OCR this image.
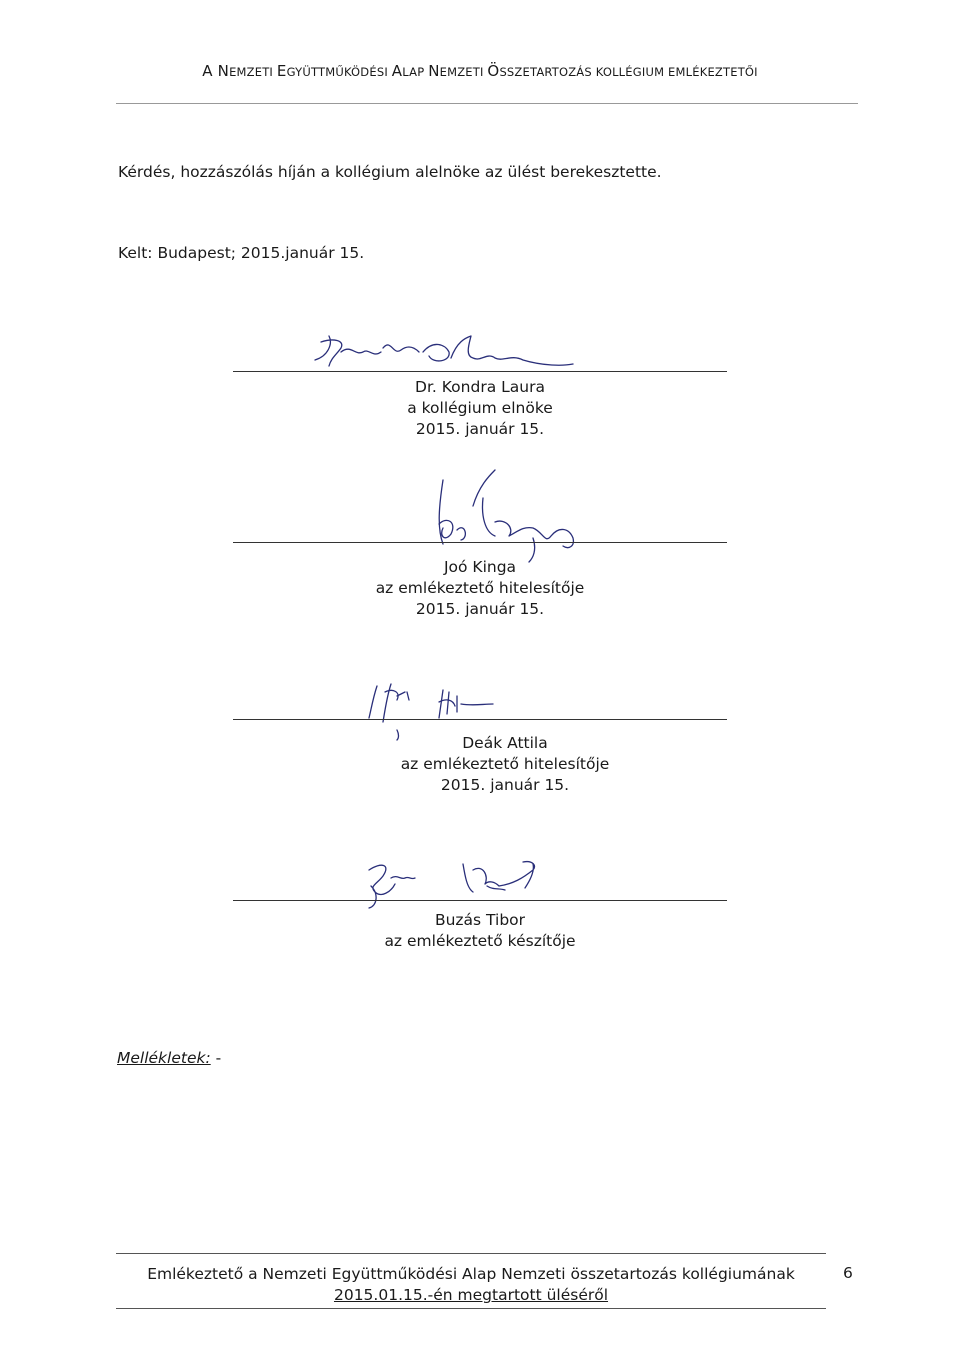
A NEMZETI EGYÜTTMŰKÖDÉSI ALAP NEMZETI ÖSSZETARTOZÁS KOLLÉGIUM EMLÉKEZTETŐI
Kérdés, hozzászólás híján a kollégium alelnöke az ülést berekesztette.
Kelt: Budapest; 2015.január 15.
Dr. Kondra Laura
a kollégium elnöke
2015. január 15.
Joó Kinga
az emlékeztető hitelesítője
2015. január 15.
Deák Attila
az emlékeztető hitelesítője
2015. január 15.
Buzás Tibor
az emlékeztető készítője
Mellékletek: -
Emlékeztető a Nemzeti Együttműködési Alap Nemzeti összetartozás kollégiumának
2015.01.15.-én megtartott üléséről
6
